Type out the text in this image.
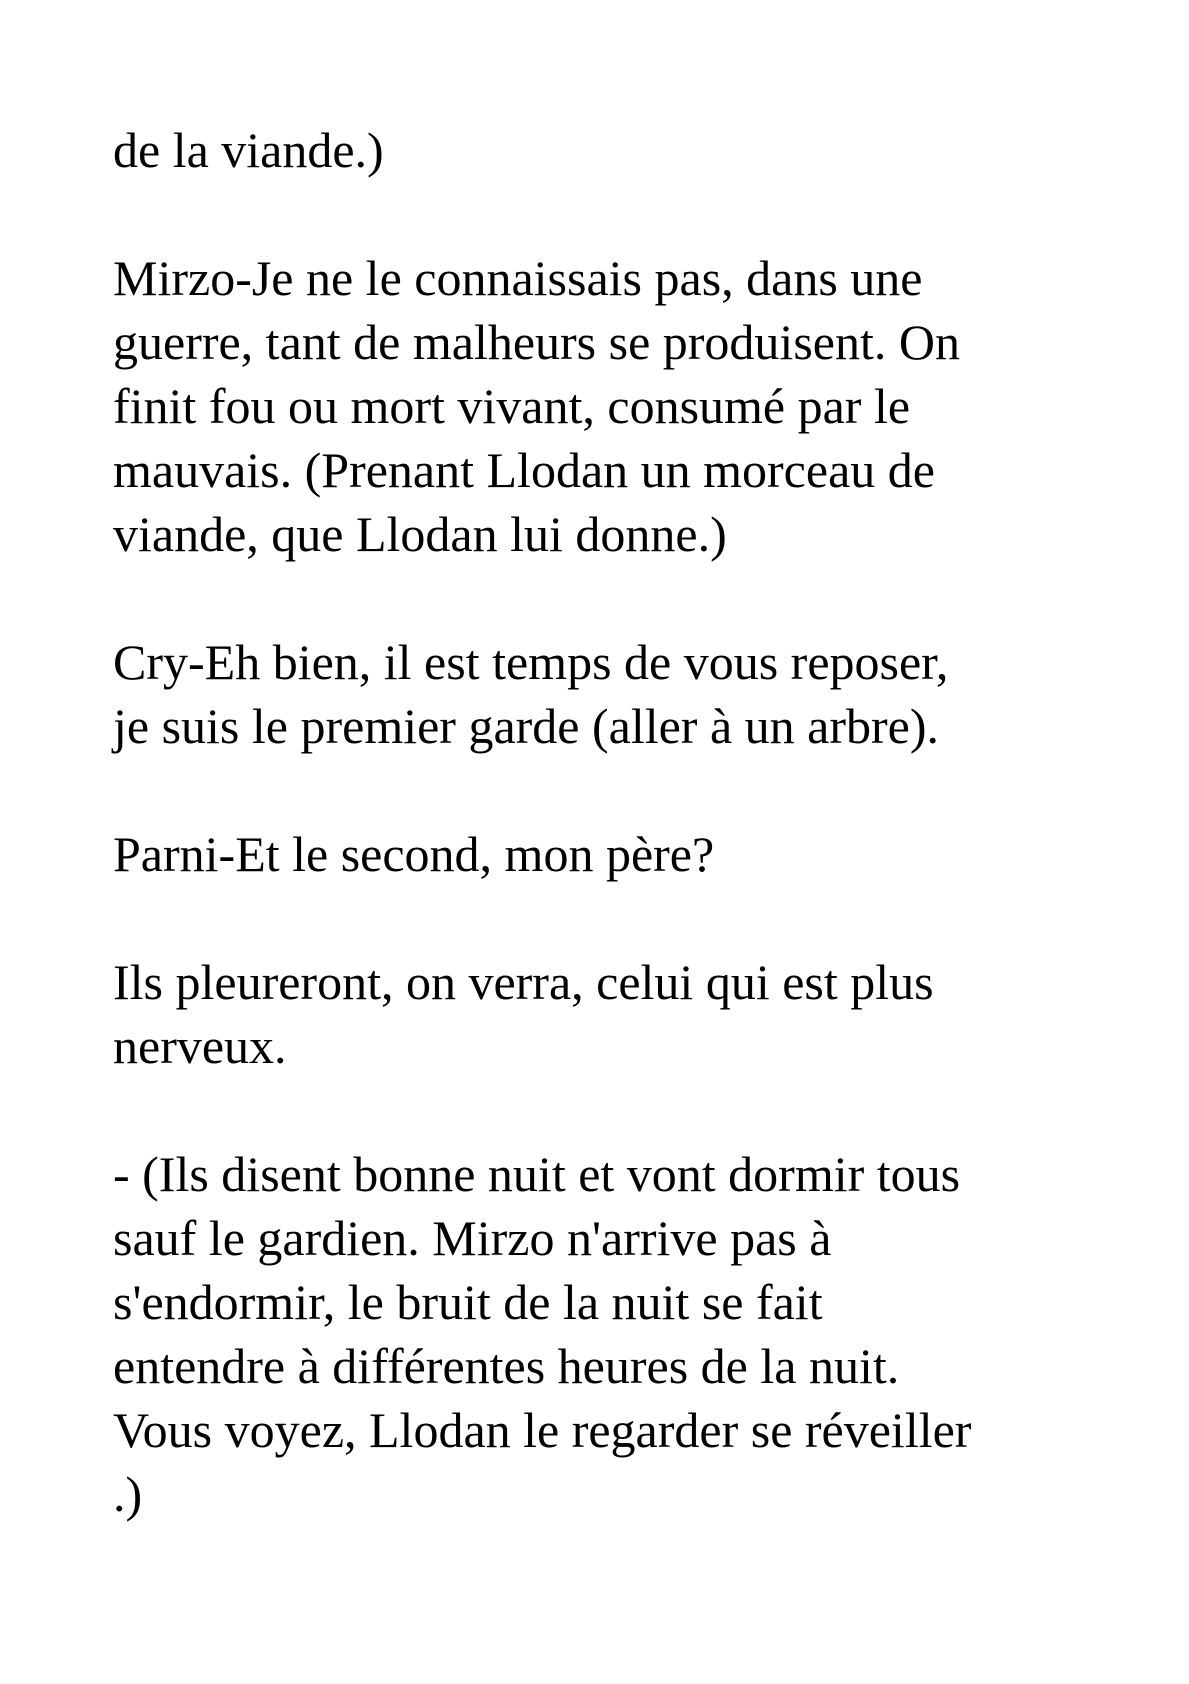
de la viande.)

Mirzo-Je ne le connaissais pas, dans une
guerre, tant de malheurs se produisent. On
finit fou ou mort vivant, consumé par le
mauvais. (Prenant Llodan un morceau de
viande, que Llodan lui donne.)

Cry-Eh bien, il est temps de vous reposer,
je suis le premier garde (aller à un arbre).

Parni-Et le second, mon père?

Ils pleureront, on verra, celui qui est plus
nerveux.

- (Ils disent bonne nuit et vont dormir tous
sauf le gardien. Mirzo n'arrive pas à
s'endormir, le bruit de la nuit se fait
entendre à différentes heures de la nuit.
Vous voyez, Llodan le regarder se réveiller
.)
